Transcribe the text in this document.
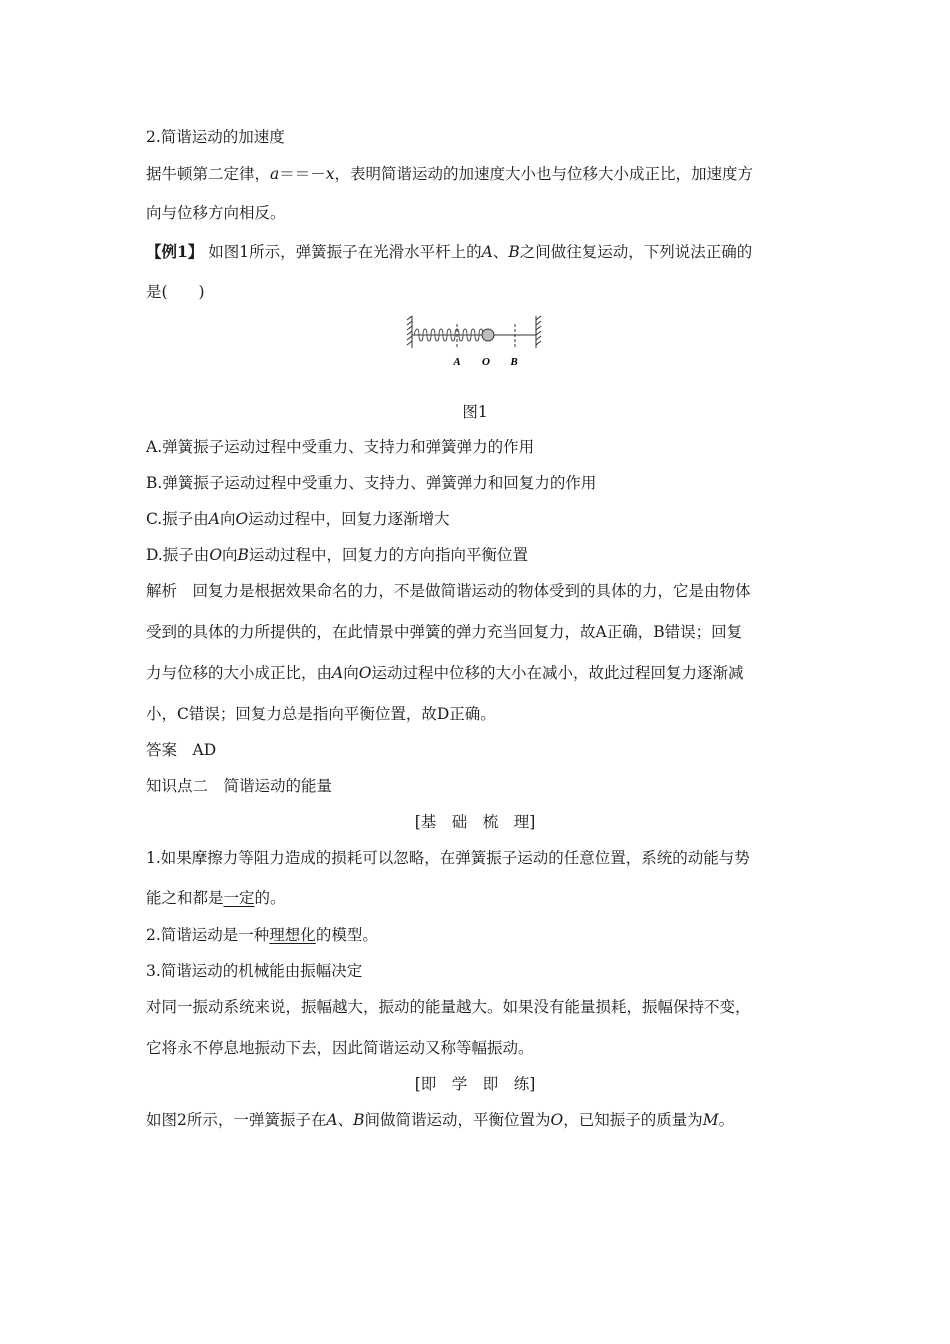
2.简谐运动的加速度
据牛顿第二定律，a＝＝－x，表明简谐运动的加速度大小也与位移大小成正比，加速度方
向与位移方向相反。
【例1】 如图1所示，弹簧振子在光滑水平杆上的A、B之间做往复运动，下列说法正确的
是(　　)
A O B
图1
A.弹簧振子运动过程中受重力、支持力和弹簧弹力的作用
B.弹簧振子运动过程中受重力、支持力、弹簧弹力和回复力的作用
C.振子由A向O运动过程中，回复力逐渐增大
D.振子由O向B运动过程中，回复力的方向指向平衡位置
解析　回复力是根据效果命名的力，不是做简谐运动的物体受到的具体的力，它是由物体
受到的具体的力所提供的，在此情景中弹簧的弹力充当回复力，故A正确，B错误；回复
力与位移的大小成正比，由A向O运动过程中位移的大小在减小，故此过程回复力逐渐减
小，C错误；回复力总是指向平衡位置，故D正确。
答案　AD
知识点二　简谐运动的能量
[基　础　梳　理]
1.如果摩擦力等阻力造成的损耗可以忽略，在弹簧振子运动的任意位置，系统的动能与势
能之和都是一定的。
2.简谐运动是一种理想化的模型。
3.简谐运动的机械能由振幅决定
对同一振动系统来说，振幅越大，振动的能量越大。如果没有能量损耗，振幅保持不变，
它将永不停息地振动下去，因此简谐运动又称等幅振动。
[即　学　即　练]
如图2所示，一弹簧振子在A、B间做简谐运动，平衡位置为O，已知振子的质量为M。
